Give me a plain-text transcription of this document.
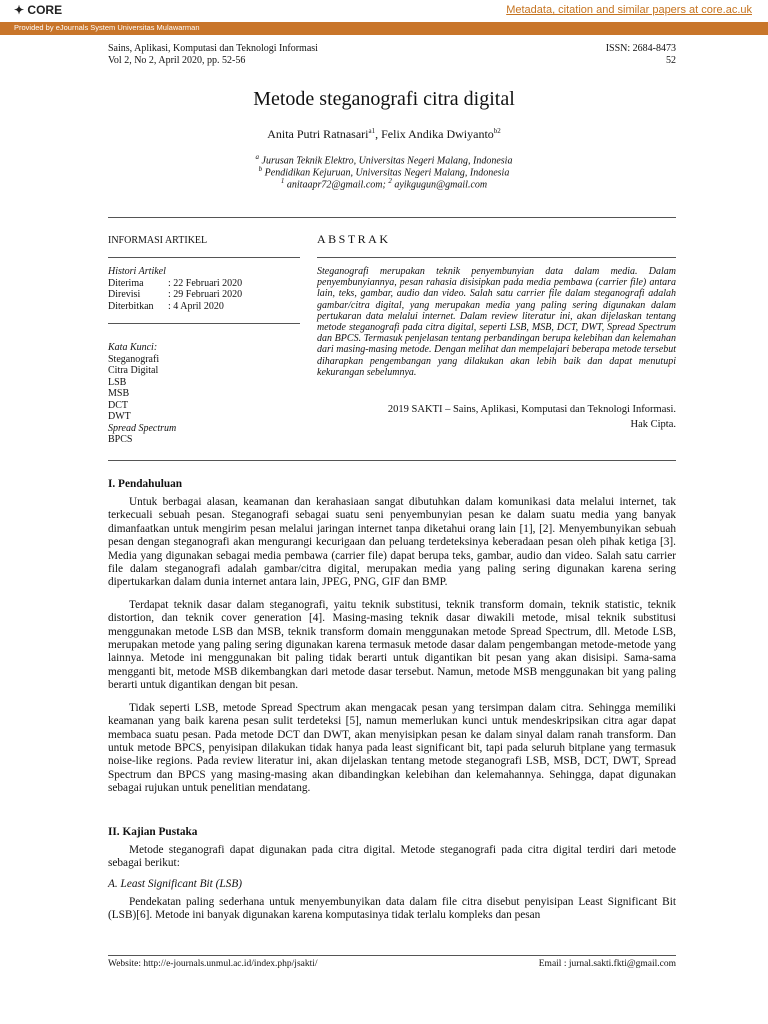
✦ CORE	Metadata, citation and similar papers at core.ac.uk
Provided by eJournals System Universitas Mulawarman
Sains, Aplikasi, Komputasi dan Teknologi Informasi
Vol 2, No 2, April 2020, pp. 52-56
ISSN: 2684-8473
52
Metode steganografi citra digital
Anita Putri Ratnasari$^{a1}$, Felix Andika Dwiyanto$^{b2}$
$^a$ Jurusan Teknik Elektro, Universitas Negeri Malang, Indonesia
$^b$ Pendidikan Kejuruan, Universitas Negeri Malang, Indonesia
$^1$ anitaapr72@gmail.com; $^2$ ayikgugun@gmail.com
INFORMASI ARTIKEL
Histori Artikel
Diterima : 22 Februari 2020
Direvisi	: 29 Februari 2020
Diterbitkan : 4 April 2020
Kata Kunci:
Steganografi
Citra Digital
LSB
MSB
DCT
DWT
Spread Spectrum
BPCS
ABSTRAK
Steganografi merupakan teknik penyembunyian data dalam media. Dalam penyembunyiannya, pesan rahasia disisipkan pada media pembawa (carrier file) antara lain, teks, gambar, audio dan video. Salah satu carrier file dalam steganografi adalah gambar/citra digital, yang merupakan media yang paling sering digunakan dalam pertukaran data melalui internet. Dalam review literatur ini, akan dijelaskan tentang metode steganografi pada citra digital, seperti LSB, MSB, DCT, DWT, Spread Spectrum dan BPCS. Termasuk penjelasan tentang perbandingan berupa kelebihan dan kelemahan dari masing-masing metode. Dengan melihat dan mempelajari beberapa metode tersebut diharapkan pengembangan yang dilakukan akan lebih baik dan dapat menutupi kekurangan sebelumnya.
2019 SAKTI – Sains, Aplikasi, Komputasi dan Teknologi Informasi.
Hak Cipta.
I. Pendahuluan

Untuk berbagai alasan, keamanan dan kerahasiaan sangat dibutuhkan dalam komunikasi data melalui internet, tak terkecuali sebuah pesan. Steganografi sebagai suatu seni penyembunyian pesan ke dalam suatu media yang banyak dimanfaatkan untuk mengirim pesan melalui jaringan internet tanpa diketahui orang lain [1], [2]. Menyembunyikan sebuah pesan dengan steganografi akan mengurangi kecurigaan dan peluang terdeteksinya keberadaan pesan oleh pihak ketiga [3]. Media yang digunakan sebagai media pembawa (carrier file) dapat berupa teks, gambar, audio dan video. Salah satu carrier file dalam steganografi adalah gambar/citra digital, merupakan media yang paling sering digunakan karena sering dipertukarkan dalam dunia internet antara lain, JPEG, PNG, GIF dan BMP.

Terdapat teknik dasar dalam steganografi, yaitu teknik substitusi, teknik transform domain, teknik statistic, teknik distortion, dan teknik cover generation [4]. Masing-masing teknik dasar diwakili metode, misal teknik substitusi menggunakan metode LSB dan MSB, teknik transform domain menggunakan metode Spread Spectrum, dll. Metode LSB, merupakan metode yang paling sering digunakan karena termasuk metode dasar dalam pengembangan metode-metode yang lainnya. Metode ini menggunakan bit paling tidak berarti untuk digantikan bit pesan yang akan disisipi. Sama-sama mengganti bit, metode MSB dikembangkan dari metode dasar tersebut. Namun, metode MSB menggunakan bit yang paling berarti untuk digantikan dengan bit pesan.

Tidak seperti LSB, metode Spread Spectrum akan mengacak pesan yang tersimpan dalam citra. Sehingga memiliki keamanan yang baik karena pesan sulit terdeteksi [5], namun memerlukan kunci untuk mendeskripsikan citra agar dapat membaca suatu pesan. Pada metode DCT dan DWT, akan menyisipkan pesan ke dalam sinyal dalam ranah transform. Dan untuk metode BPCS, penyisipan dilakukan tidak hanya pada least significant bit, tapi pada seluruh bitplane yang termasuk noise-like regions. Pada review literatur ini, akan dijelaskan tentang metode steganografi LSB, MSB, DCT, DWT, Spread Spectrum dan BPCS yang masing-masing akan dibandingkan kelebihan dan kelemahannya. Sehingga, dapat digunakan sebagai rujukan untuk penelitian mendatang.

II. Kajian Pustaka

Metode steganografi dapat digunakan pada citra digital. Metode steganografi pada citra digital terdiri dari metode sebagai berikut:

A. Least Significant Bit (LSB)

Pendekatan paling sederhana untuk menyembunyikan data dalam file citra disebut penyisipan Least Significant Bit (LSB)[6]. Metode ini banyak digunakan karena komputasinya tidak terlalu kompleks dan pesan

Website: http://e-journals.unmul.ac.id/index.php/jsakti/	Email : jurnal.sakti.fkti@gmail.com
